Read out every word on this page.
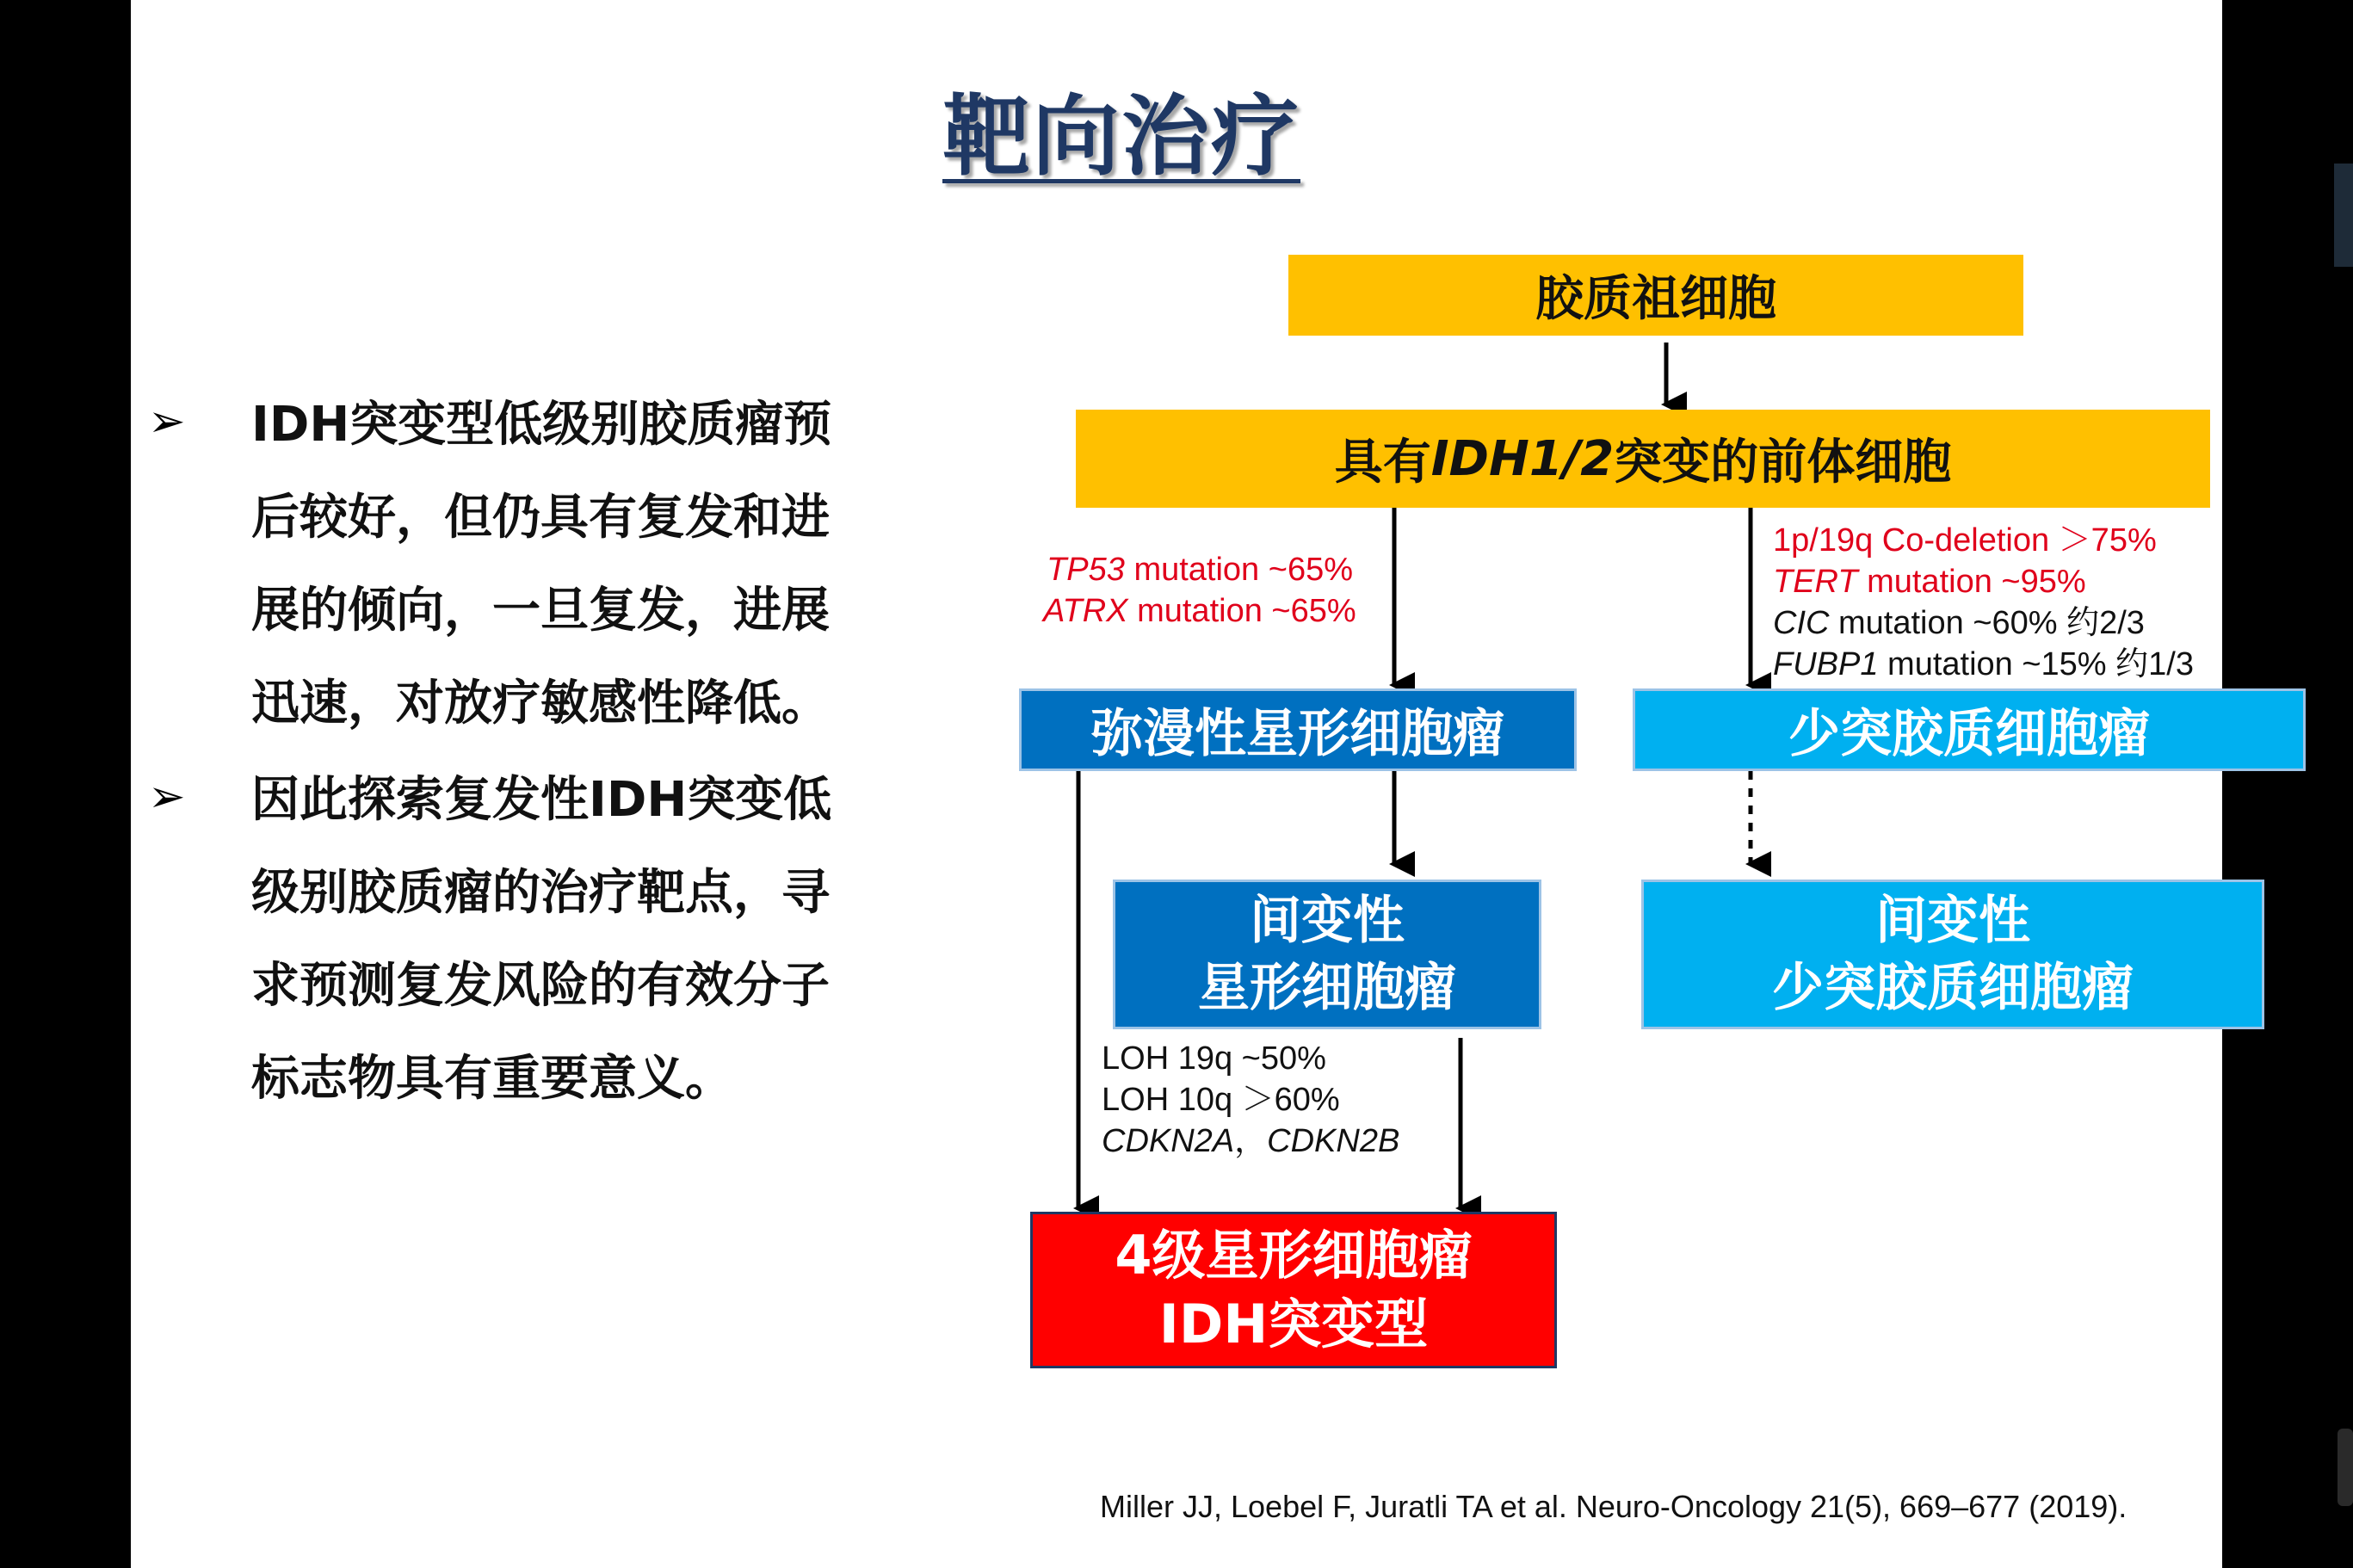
靶向治疗
➢ IDH突变型低级别胶质瘤预
后较好，但仍具有复发和进
展的倾向，一旦复发，进展
迅速，对放疗敏感性降低。
➢ 因此探索复发性IDH突变低
级别胶质瘤的治疗靶点，寻
求预测复发风险的有效分子
标志物具有重要意义。
胶质祖细胞
具有 IDH1/2 突变的前体细胞
弥漫性星形细胞瘤	少突胶质细胞瘤
间变性
星形细胞瘤
间变性
少突胶质细胞瘤
4级星形细胞瘤
IDH突变型
TP53 mutation ~65%
ATRX mutation ~65%
1p/19q Co-deletion ＞75%
TERT mutation ~95%
CIC mutation ~60% 约2/3
FUBP1 mutation ~15% 约1/3
LOH 19q ~50%
LOH 10q ＞60%
CDKN2A，CDKN2B
Miller JJ, Loebel F, Juratli TA et al. Neuro-Oncology 21(5), 669–677 (2019).
